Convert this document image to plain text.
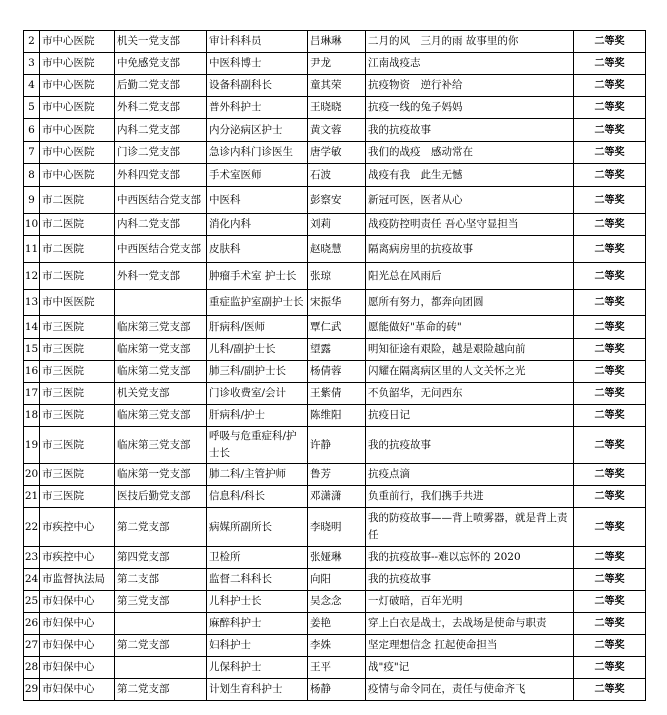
2	市中心医院	机关一党支部	审计科科员	吕琳琳	二月的风　三月的雨 故事里的你	二等奖
3	市中心医院	中免感党支部	中医科博士	尹龙	江南战疫志	二等奖
4	市中心医院	后勤二党支部	设备科副科长	童其荣	抗疫物资　逆行补给	二等奖
5	市中心医院	外科二党支部	普外科护士	王晓晓	抗疫一线的兔子妈妈	二等奖
6	市中心医院	内科二党支部	内分泌病区护士	黄文蓉	我的抗疫故事	二等奖
7	市中心医院	门诊二党支部	急诊内科门诊医生	唐学敏	我们的战疫　感动常在	二等奖
8	市中心医院	外科四党支部	手术室医师	石波	战疫有我　此生无憾	二等奖
9	市二医院	中西医结合党支部	中医科	彭察安	新冠可医，医者从心	二等奖
10	市二医院	内科二党支部	消化内科	刘莉	战疫防控明责任 吾心坚守显担当	二等奖
11	市二医院	中西医结合党支部	皮肤科	赵晓慧	隔离病房里的抗疫故事	二等奖
12	市二医院	外科一党支部	肿瘤手术室 护士长	张琼	阳光总在风雨后	二等奖
13	市中医医院		重症监护室副护士长	宋振华	愿所有努力，都奔向团圆	二等奖
14	市三医院	临床第三党支部	肝病科/医师	覃仁武	愿能做好"革命的砖"	二等奖
15	市三医院	临床第一党支部	儿科/副护士长	望露	明知征途有艰险，越是艰险越向前	二等奖
16	市三医院	临床第二党支部	肺三科/副护士长	杨倩蓉	闪耀在隔离病区里的人文关怀之光	二等奖
17	市三医院	机关党支部	门诊收费室/会计	王紫倩	不负韶华，无问西东	二等奖
18	市三医院	临床第三党支部	肝病科/护士	陈维阳	抗疫日记	二等奖
19	市三医院	临床第三党支部	呼吸与危重症科/护士长	许静	我的抗疫故事	二等奖
20	市三医院	临床第一党支部	肺二科/主管护师	鲁芳	抗疫点滴	二等奖
21	市三医院	医技后勤党支部	信息科/科长	邓潇潇	负重前行，我们携手共进	二等奖
22	市疾控中心	第二党支部	病媒所副所长	李晓明	我的防疫故事——背上喷雾器，就是背上责任	二等奖
23	市疾控中心	第四党支部	卫检所	张娅琳	我的抗疫故事--难以忘怀的 2020	二等奖
24	市监督执法局	第二支部	监督二科科长	向阳	我的抗疫故事	二等奖
25	市妇保中心	第三党支部	儿科护士长	吴念念	一灯破暗，百年光明	二等奖
26	市妇保中心		麻醉科护士	姜艳	穿上白衣是战士，去战场是使命与职责	二等奖
27	市妇保中心	第二党支部	妇科护士	李姝	坚定理想信念 扛起使命担当	二等奖
28	市妇保中心		儿保科护士	王平	战"疫"记	二等奖
29	市妇保中心	第二党支部	计划生育科护士	杨静	疫情与命令同在，责任与使命齐飞	二等奖
